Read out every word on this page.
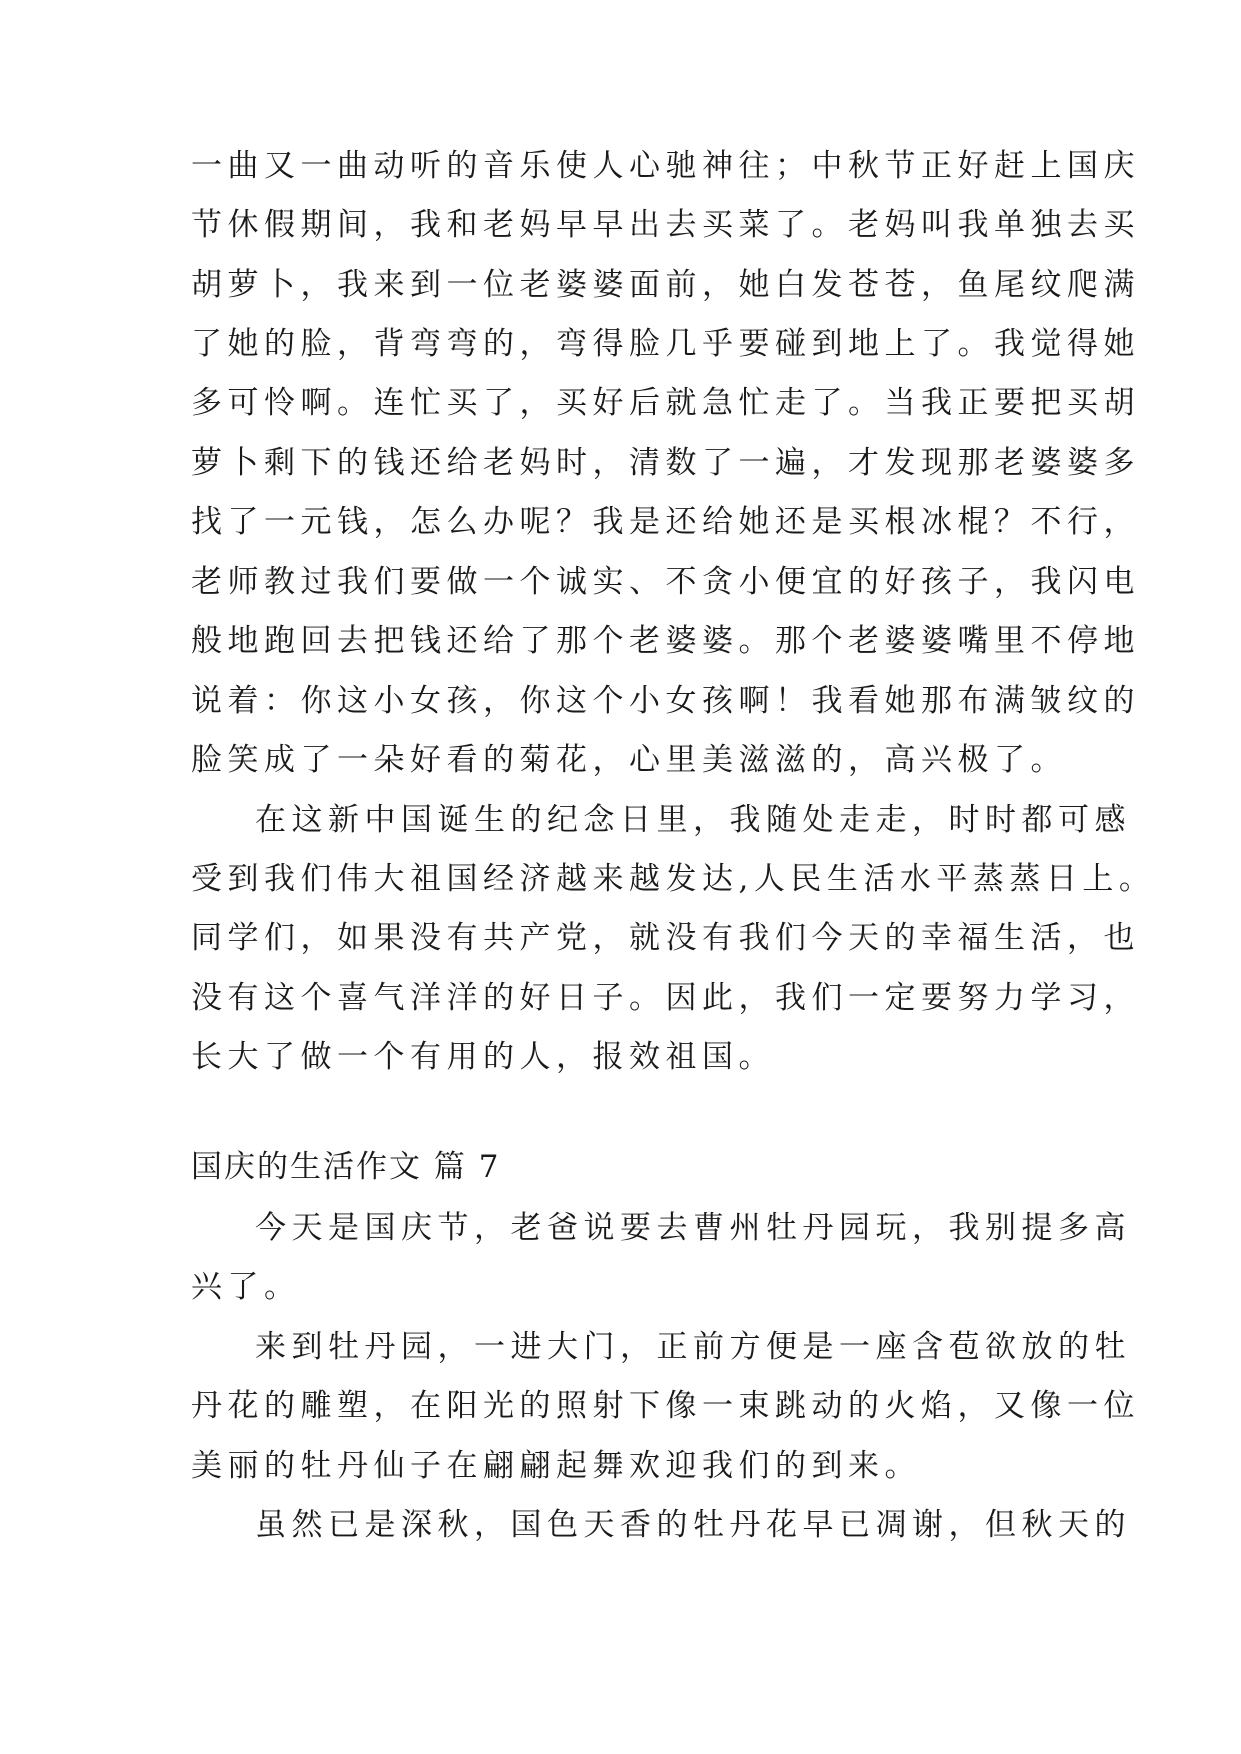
一曲又一曲动听的音乐使人心驰神往；中秋节正好赶上国庆
节休假期间，我和老妈早早出去买菜了。老妈叫我单独去买
胡萝卜，我来到一位老婆婆面前，她白发苍苍，鱼尾纹爬满
了她的脸，背弯弯的，弯得脸几乎要碰到地上了。我觉得她
多可怜啊。连忙买了，买好后就急忙走了。当我正要把买胡
萝卜剩下的钱还给老妈时，清数了一遍，才发现那老婆婆多
找了一元钱，怎么办呢？我是还给她还是买根冰棍？不行，
老师教过我们要做一个诚实、不贪小便宜的好孩子，我闪电
般地跑回去把钱还给了那个老婆婆。那个老婆婆嘴里不停地
说着：你这小女孩，你这个小女孩啊！我看她那布满皱纹的
脸笑成了一朵好看的菊花，心里美滋滋的，高兴极了。
在这新中国诞生的纪念日里，我随处走走，时时都可感
受到我们伟大祖国经济越来越发达,人民生活水平蒸蒸日上。
同学们，如果没有共产党，就没有我们今天的幸福生活，也
没有这个喜气洋洋的好日子。因此，我们一定要努力学习，
长大了做一个有用的人，报效祖国。
国庆的生活作文 篇 7
今天是国庆节，老爸说要去曹州牡丹园玩，我别提多高
兴了。
来到牡丹园，一进大门，正前方便是一座含苞欲放的牡
丹花的雕塑，在阳光的照射下像一束跳动的火焰，又像一位
美丽的牡丹仙子在翩翩起舞欢迎我们的到来。
虽然已是深秋，国色天香的牡丹花早已凋谢，但秋天的
